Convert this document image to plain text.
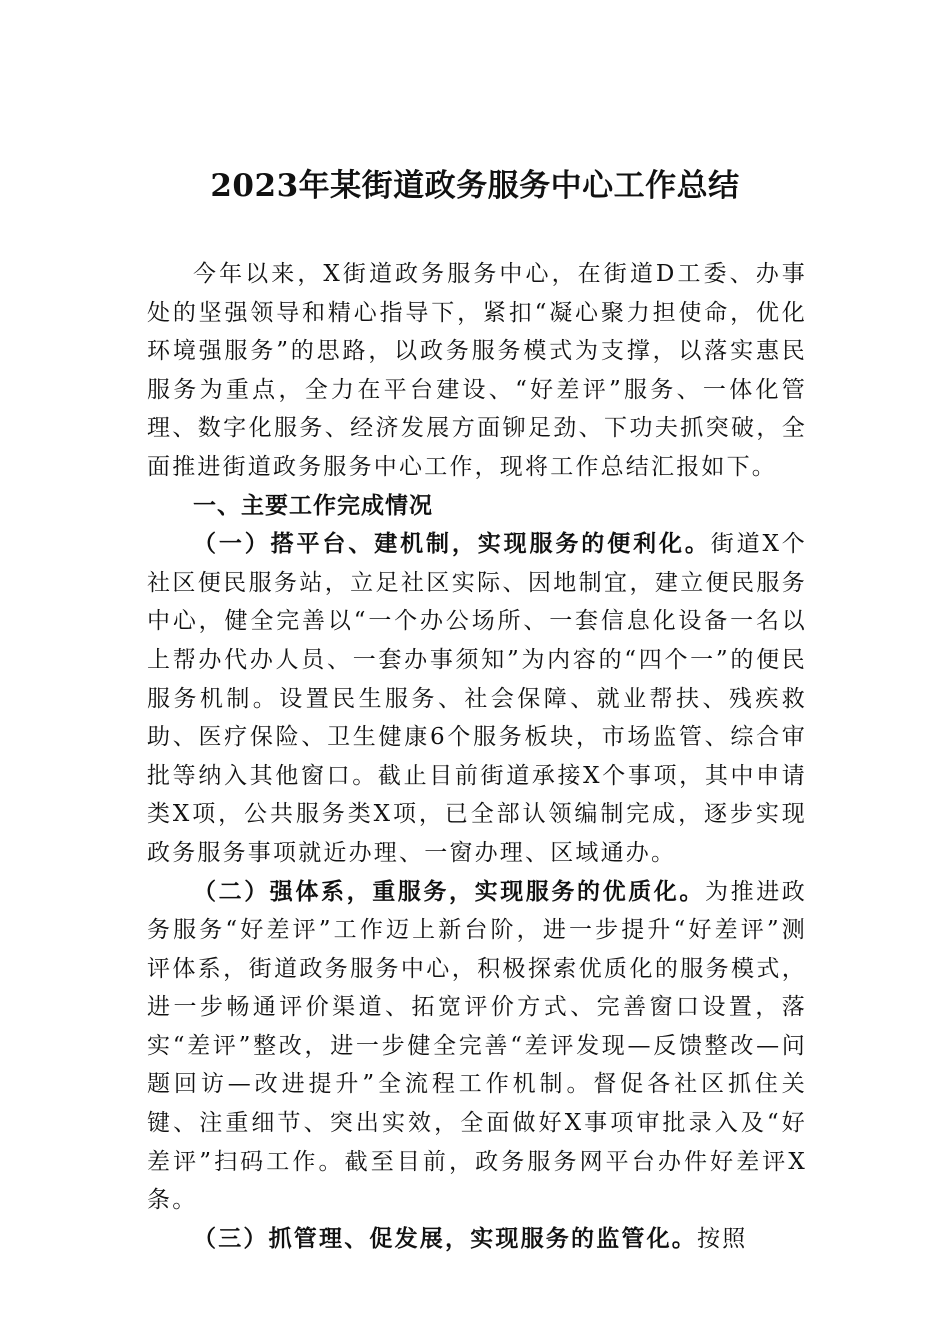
2023年某街道政务服务中心工作总结

今年以来，X街道政务服务中心，在街道D工委、办事处的坚强领导和精心指导下，紧扣“凝心聚力担使命，优化环境强服务”的思路，以政务服务模式为支撑，以落实惠民服务为重点，全力在平台建设、“好差评”服务、一体化管理、数字化服务、经济发展方面铆足劲、下功夫抓突破，全面推进街道政务服务中心工作，现将工作总结汇报如下。

一、主要工作完成情况

（一）搭平台、建机制，实现服务的便利化。街道X个社区便民服务站，立足社区实际、因地制宜，建立便民服务中心，健全完善以“一个办公场所、一套信息化设备一名以上帮办代办人员、一套办事须知”为内容的“四个一”的便民服务机制。设置民生服务、社会保障、就业帮扶、残疾救助、医疗保险、卫生健康6个服务板块，市场监管、综合审批等纳入其他窗口。截止目前街道承接X个事项，其中申请类X项，公共服务类X项，已全部认领编制完成，逐步实现政务服务事项就近办理、一窗办理、区域通办。

（二）强体系，重服务，实现服务的优质化。为推进政务服务“好差评”工作迈上新台阶，进一步提升“好差评”测评体系，街道政务服务中心，积极探索优质化的服务模式，进一步畅通评价渠道、拓宽评价方式、完善窗口设置，落实“差评”整改，进一步健全完善“差评发现—反馈整改—问题回访—改进提升”全流程工作机制。督促各社区抓住关键、注重细节、突出实效，全面做好X事项审批录入及“好差评”扫码工作。截至目前，政务服务网平台办件好差评X条。

（三）抓管理、促发展，实现服务的监管化。按照
